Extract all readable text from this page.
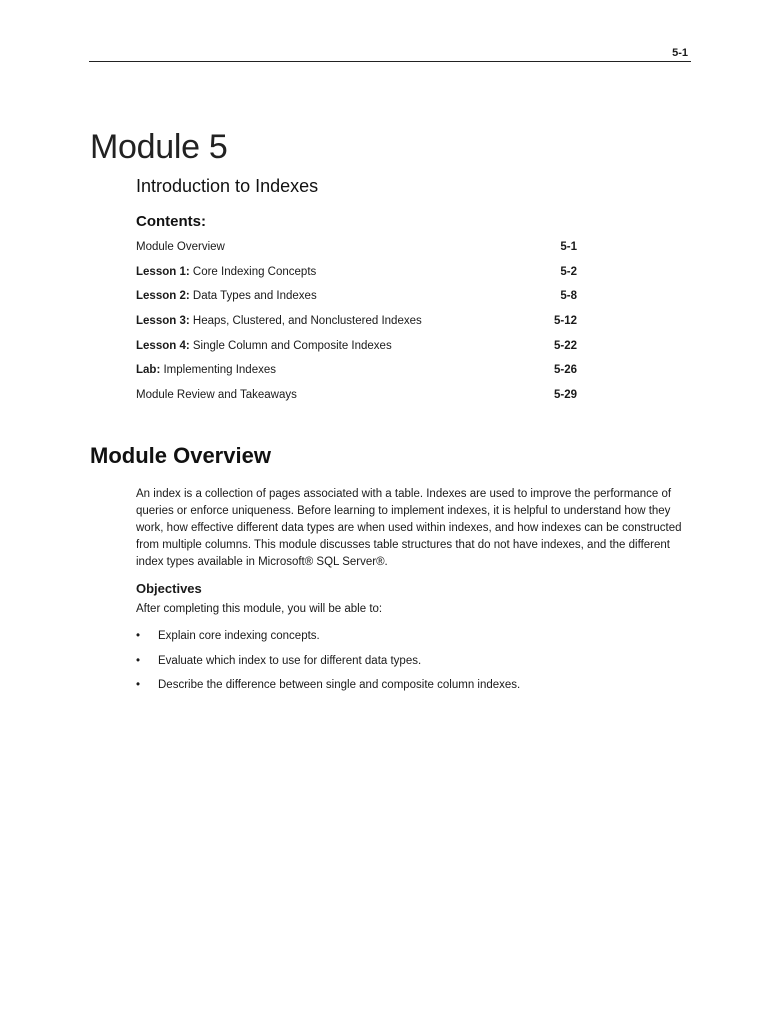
5-1
Module 5
Introduction to Indexes
Contents:
Module Overview	5-1
Lesson 1: Core Indexing Concepts	5-2
Lesson 2: Data Types and Indexes	5-8
Lesson 3: Heaps, Clustered, and Nonclustered Indexes	5-12
Lesson 4: Single Column and Composite Indexes	5-22
Lab: Implementing Indexes	5-26
Module Review and Takeaways	5-29
Module Overview

An index is a collection of pages associated with a table. Indexes are used to improve the performance of queries or enforce uniqueness. Before learning to implement indexes, it is helpful to understand how they work, how effective different data types are when used within indexes, and how indexes can be constructed from multiple columns. This module discusses table structures that do not have indexes, and the different index types available in Microsoft® SQL Server®.

Objectives

After completing this module, you will be able to:

• Explain core indexing concepts.
• Evaluate which index to use for different data types.
• Describe the difference between single and composite column indexes.
